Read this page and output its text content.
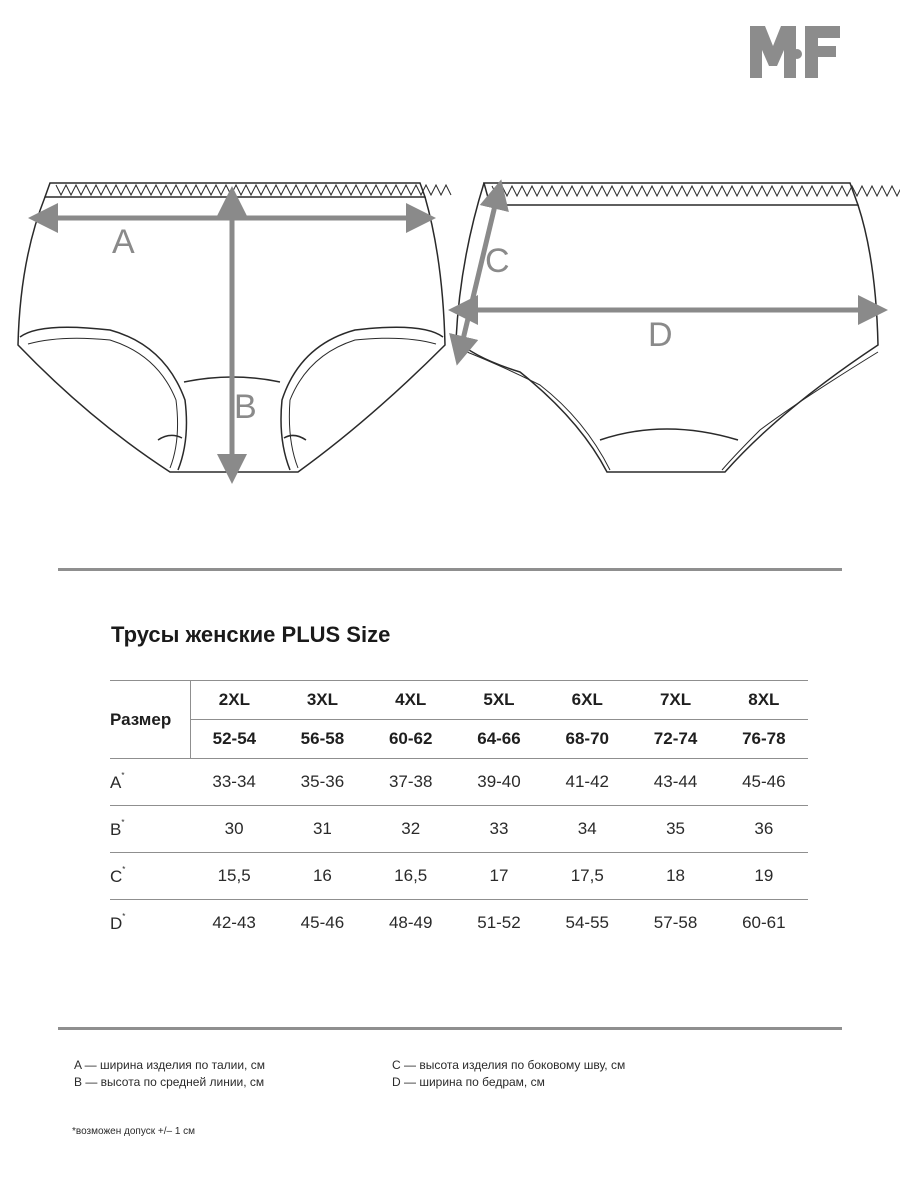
A
B
C
D
Трусы женские PLUS Size
Размер	2XL	3XL	4XL	5XL	6XL	7XL	8XL
	52-54	56-58	60-62	64-66	68-70	72-74	76-78
A*	33-34	35-36	37-38	39-40	41-42	43-44	45-46
B*	30	31	32	33	34	35	36
C*	15,5	16	16,5	17	17,5	18	19
D*	42-43	45-46	48-49	51-52	54-55	57-58	60-61
A — ширина изделия по талии, см
B — высота по средней линии, см
C — высота изделия по боковому шву, см
D — ширина по бедрам, см
*возможен допуск +/– 1 см
